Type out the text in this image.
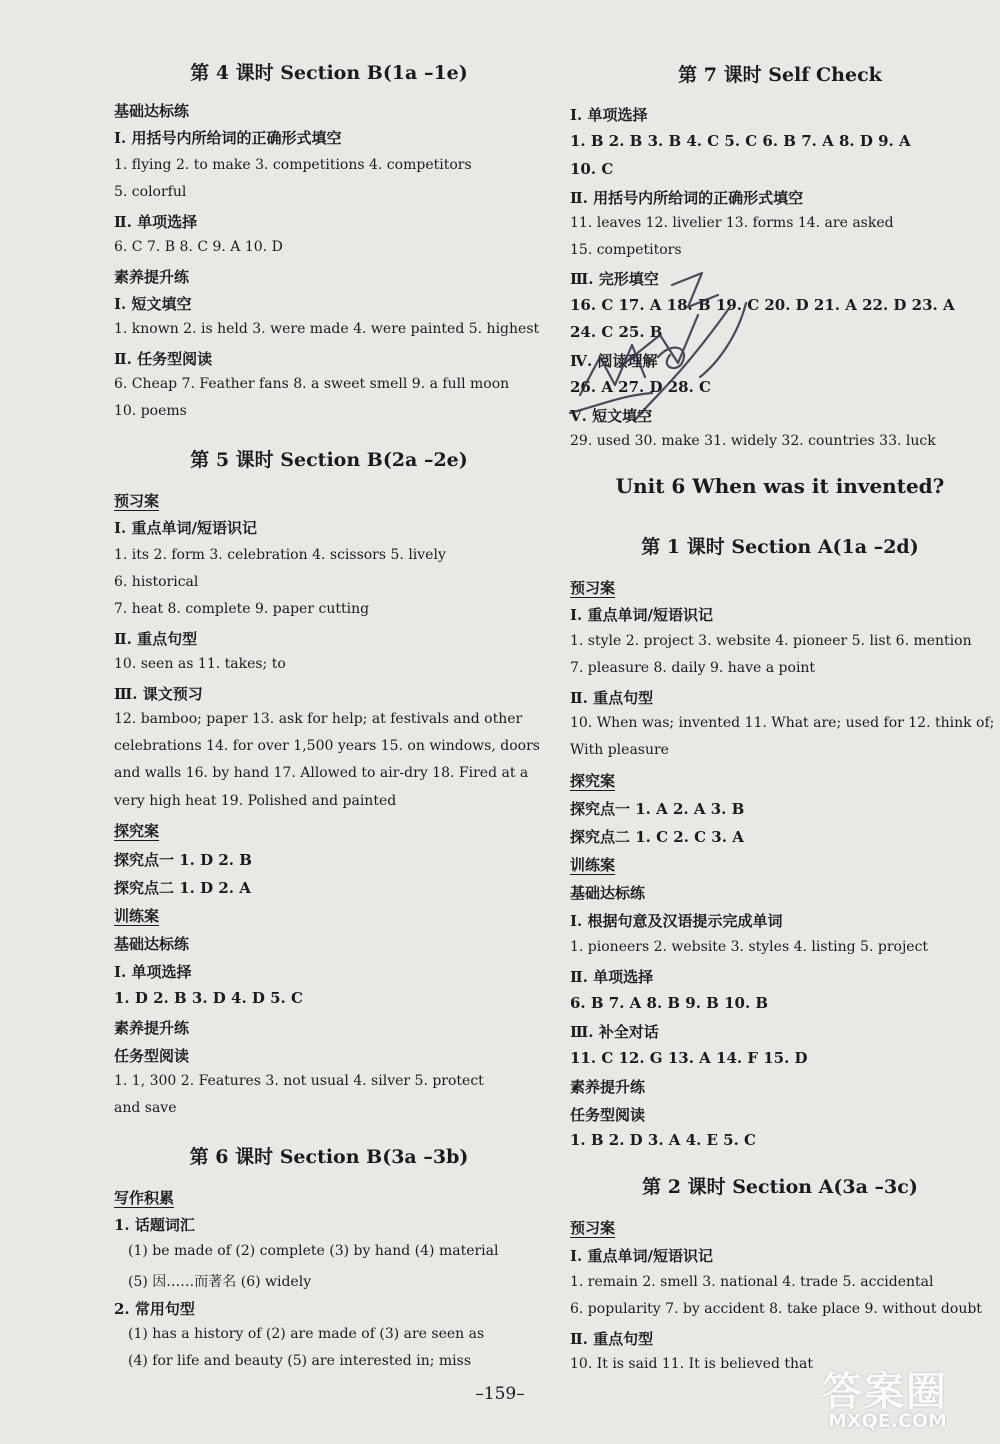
第 4 课时 Section B(1a –1e)
基础达标练
Ⅰ. 用括号内所给词的正确形式填空
1. flying 2. to make 3. competitions 4. competitors
5. colorful
Ⅱ. 单项选择
6. C 7. B 8. C 9. A 10. D
素养提升练
Ⅰ. 短文填空
1. known 2. is held 3. were made 4. were painted 5. highest
Ⅱ. 任务型阅读
6. Cheap 7. Feather fans 8. a sweet smell 9. a full moon
10. poems
第 5 课时 Section B(2a –2e)
预习案
Ⅰ. 重点单词/短语识记
1. its 2. form 3. celebration 4. scissors 5. lively
6. historical
7. heat 8. complete 9. paper cutting
Ⅱ. 重点句型
10. seen as 11. takes; to
Ⅲ. 课文预习
12. bamboo; paper 13. ask for help; at festivals and other
celebrations 14. for over 1,500 years 15. on windows, doors
and walls 16. by hand 17. Allowed to air-dry 18. Fired at a
very high heat 19. Polished and painted
探究案
探究点一 1. D 2. B
探究点二 1. D 2. A
训练案
基础达标练
Ⅰ. 单项选择
1. D 2. B 3. D 4. D 5. C
素养提升练
任务型阅读
1. 1, 300 2. Features 3. not usual 4. silver 5. protect
and save
第 6 课时 Section B(3a –3b)
写作积累
1. 话题词汇
(1) be made of (2) complete (3) by hand (4) material
(5) 因……而著名 (6) widely
2. 常用句型
(1) has a history of (2) are made of (3) are seen as
(4) for life and beauty (5) are interested in; miss
第 7 课时 Self Check
Ⅰ. 单项选择
1. B 2. B 3. B 4. C 5. C 6. B 7. A 8. D 9. A
10. C
Ⅱ. 用括号内所给词的正确形式填空
11. leaves 12. livelier 13. forms 14. are asked
15. competitors
Ⅲ. 完形填空
16. C 17. A 18. B 19. C 20. D 21. A 22. D 23. A
24. C 25. B
Ⅳ. 阅读理解
26. A 27. D 28. C
Ⅴ. 短文填空
29. used 30. make 31. widely 32. countries 33. luck
Unit 6 When was it invented?
第 1 课时 Section A(1a –2d)
预习案
Ⅰ. 重点单词/短语识记
1. style 2. project 3. website 4. pioneer 5. list 6. mention
7. pleasure 8. daily 9. have a point
Ⅱ. 重点句型
10. When was; invented 11. What are; used for 12. think of;
With pleasure
探究案
探究点一 1. A 2. A 3. B
探究点二 1. C 2. C 3. A
训练案
基础达标练
Ⅰ. 根据句意及汉语提示完成单词
1. pioneers 2. website 3. styles 4. listing 5. project
Ⅱ. 单项选择
6. B 7. A 8. B 9. B 10. B
Ⅲ. 补全对话
11. C 12. G 13. A 14. F 15. D
素养提升练
任务型阅读
1. B 2. D 3. A 4. E 5. C
第 2 课时 Section A(3a –3c)
预习案
Ⅰ. 重点单词/短语识记
1. remain 2. smell 3. national 4. trade 5. accidental
6. popularity 7. by accident 8. take place 9. without doubt
Ⅱ. 重点句型
10. It is said 11. It is believed that
–159–	答案圈
MXQE.COM
